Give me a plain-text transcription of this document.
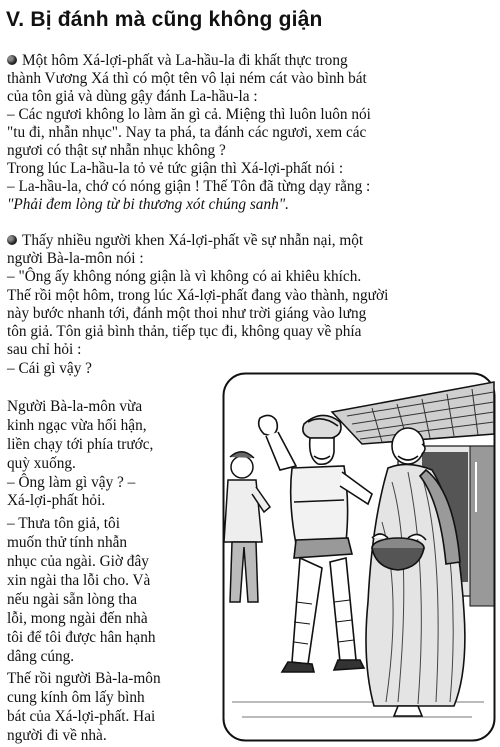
V. Bị đánh mà cũng không giận
Một hôm Xá-lợi-phất và La-hầu-la đi khất thực trong
thành Vương Xá thì có một tên vô lại ném cát vào bình bát
của tôn giả và dùng gậy đánh La-hầu-la :
– Các ngươi không lo làm ăn gì cả. Miệng thì luôn luôn nói
"tu đi, nhẫn nhục". Nay ta phá, ta đánh các ngươi, xem các
ngươi có thật sự nhẫn nhục không ?
Trong lúc La-hầu-la tỏ vẻ tức giận thì Xá-lợi-phất nói :
– La-hầu-la, chớ có nóng giận ! Thế Tôn đã từng dạy rằng :
"Phải đem lòng từ bi thương xót chúng sanh".
Thấy nhiều người khen Xá-lợi-phất về sự nhẫn nại, một
người Bà-la-môn nói :
– "Ông ấy không nóng giận là vì không có ai khiêu khích.
Thế rồi một hôm, trong lúc Xá-lợi-phất đang vào thành, người
này bước nhanh tới, đánh một thoi như trời giáng vào lưng
tôn giả. Tôn giả bình thản, tiếp tục đi, không quay về phía
sau chỉ hỏi :
– Cái gì vậy ?
Người Bà-la-môn vừa
kinh ngạc vừa hối hận,
liền chạy tới phía trước,
quỳ xuống.
– Ông làm gì vậy ? –
Xá-lợi-phất hỏi.
– Thưa tôn giả, tôi
muốn thử tính nhẫn
nhục của ngài. Giờ đây
xin ngài tha lỗi cho. Và
nếu ngài sẵn lòng tha
lỗi, mong ngài đến nhà
tôi để tôi được hân hạnh
dâng cúng.
Thế rồi người Bà-la-môn
cung kính ôm lấy bình
bát của Xá-lợi-phất. Hai
người đi về nhà.
